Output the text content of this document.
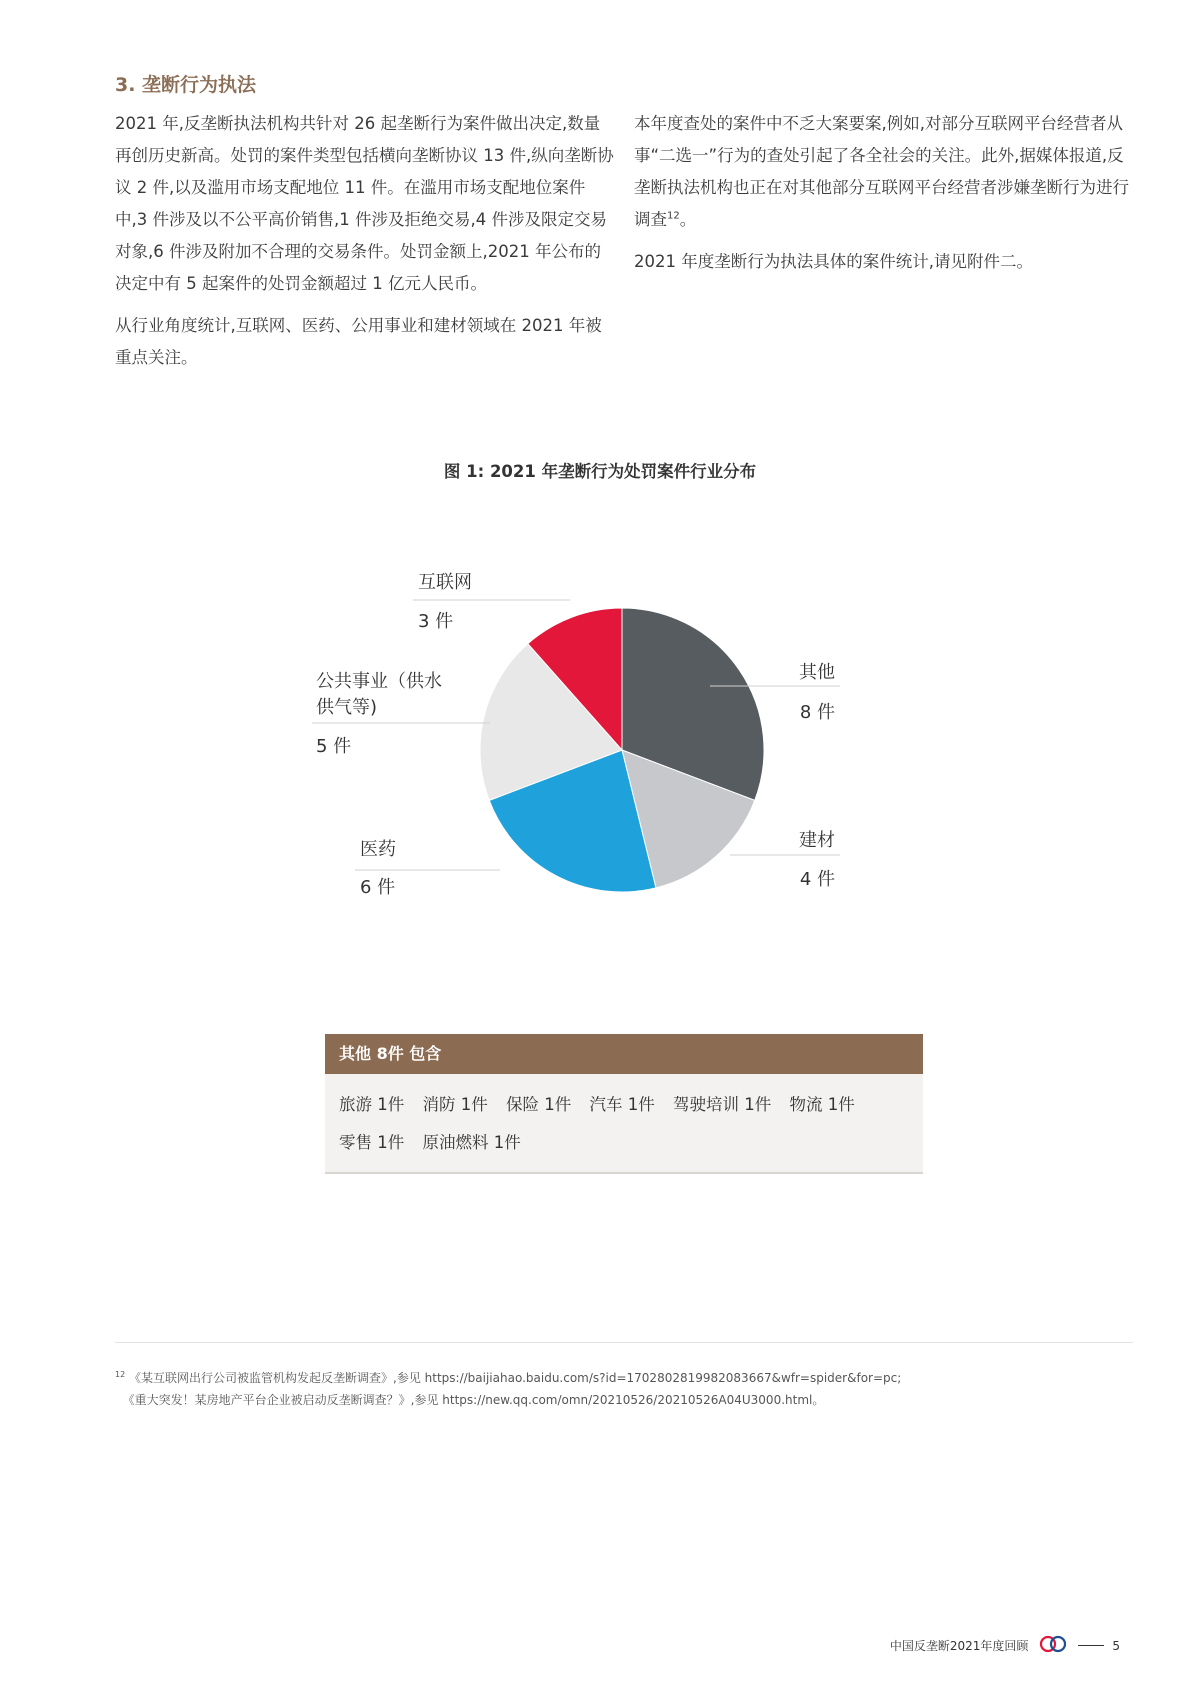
3. 垄断行为执法

2021 年,反垄断执法机构共针对 26 起垄断行为案件做出决定,数量再创历史新高。处罚的案件类型包括横向垄断协议 13 件,纵向垄断协议 2 件,以及滥用市场支配地位 11 件。在滥用市场支配地位案件中,3 件涉及以不公平高价销售,1 件涉及拒绝交易,4 件涉及限定交易对象,6 件涉及附加不合理的交易条件。处罚金额上,2021 年公布的决定中有 5 起案件的处罚金额超过 1 亿元人民币。

从行业角度统计,互联网、医药、公用事业和建材领域在 2021 年被重点关注。

本年度查处的案件中不乏大案要案,例如,对部分互联网平台经营者从事“二选一”行为的查处引起了各全社会的关注。此外,据媒体报道,反垄断执法机构也正在对其他部分互联网平台经营者涉嫌垄断行为进行调查$^{12}$。

2021 年度垄断行为执法具体的案件统计,请见附件二。

图 1: 2021 年垄断行为处罚案件行业分布
其他
8 件
建材
4 件
医药
6 件
公共事业（供水
供气等)
5 件
互联网
3 件
其他 8件 包含
旅游 1件 消防 1件 保险 1件 汽车 1件 驾驶培训 1件 物流 1件
零售 1件 原油燃料 1件
$^{12}$ 《某互联网出行公司被监管机构发起反垄断调查》,参见 https://baijiahao.baidu.com/s?id=1702802819982083667&wfr=spider&for=pc;
《重大突发！某房地产平台企业被启动反垄断调查？》,参见 https://new.qq.com/omn/20210526/20210526A04U3000.html。
中国反垄断2021年度回顾	5
